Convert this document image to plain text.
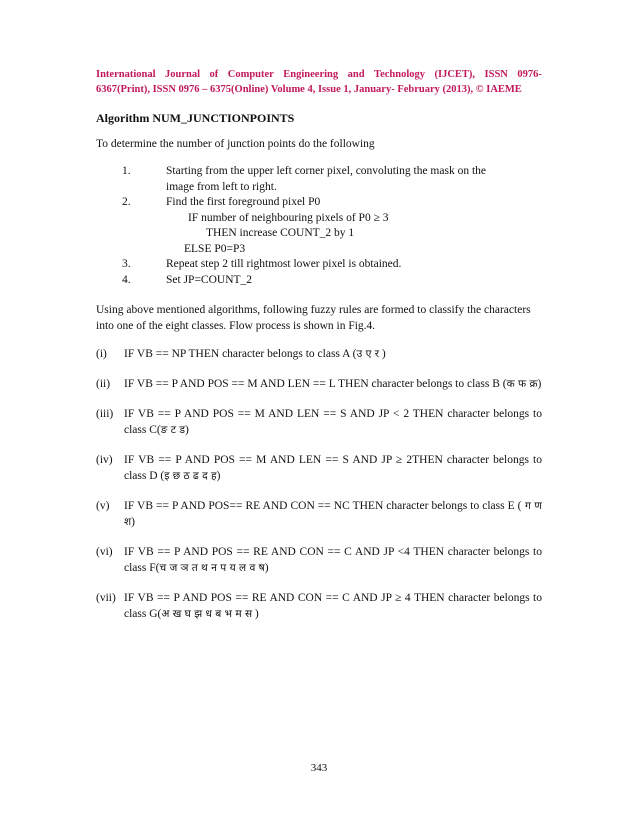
International Journal of Computer Engineering and Technology (IJCET), ISSN 0976-
6367(Print), ISSN 0976 – 6375(Online) Volume 4, Issue 1, January- February (2013), © IAEME
Algorithm NUM_JUNCTIONPOINTS
To determine the number of junction points do the following
1.	Starting from the upper left corner pixel, convoluting the mask on the
image from left to right.
2.	Find the first foreground pixel P0
IF number of neighbouring pixels of P0 ≥ 3
THEN increase COUNT_2 by 1
ELSE P0=P3
3.	Repeat step 2 till rightmost lower pixel is obtained.
4.	Set JP=COUNT_2
Using above mentioned algorithms, following fuzzy rules are formed to classify the characters into one of the eight classes. Flow process is shown in Fig.4.
(i) IF VB == NP THEN character belongs to class A (उ ए र )
(ii) IF VB == P AND POS == M AND LEN == L THEN character belongs to class B (क फ क्र)
(iii) IF VB == P AND POS == M AND LEN == S AND JP < 2 THEN character belongs to class C(ङ ट ड)
(iv) IF VB == P AND POS == M AND LEN == S AND JP ≥ 2THEN character belongs to class D (इ छ ठ ढ द ह)
(v) IF VB == P AND POS== RE AND CON == NC THEN character belongs to class E ( ग ण श)
(vi) IF VB == P AND POS == RE AND CON == C AND JP <4 THEN character belongs to class F(च ज ञ त थ न प य ल व ष)
(vii) IF VB == P AND POS == RE AND CON == C AND JP ≥ 4 THEN character belongs to class G(अ ख घ झ ध ब भ म स )
343
